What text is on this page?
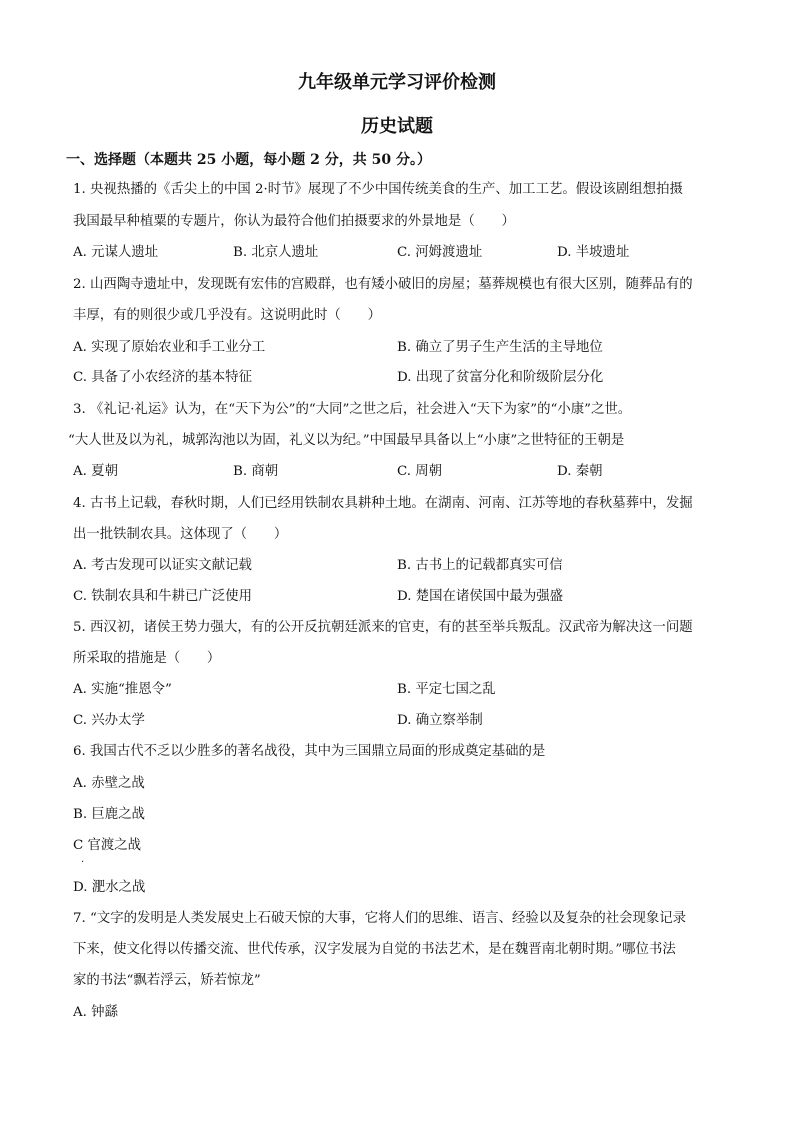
九年级单元学习评价检测
历史试题
一、选择题（本题共 25 小题，每小题 2 分，共 50 分。）
1. 央视热播的《舌尖上的中国 2·时节》展现了不少中国传统美食的生产、加工工艺。假设该剧组想拍摄
我国最早种植粟的专题片，你认为最符合他们拍摄要求的外景地是（　　）
A. 元谋人遗址	B. 北京人遗址	C. 河姆渡遗址	D. 半坡遗址
2. 山西陶寺遗址中，发现既有宏伟的宫殿群，也有矮小破旧的房屋；墓葬规模也有很大区别，随葬品有的
丰厚，有的则很少或几乎没有。这说明此时（　　）
A. 实现了原始农业和手工业分工	B. 确立了男子生产生活的主导地位
C. 具备了小农经济的基本特征	D. 出现了贫富分化和阶级阶层分化
3. 《礼记·礼运》认为，在“天下为公”的“大同”之世之后，社会进入“天下为家”的“小康”之世。
“大人世及以为礼，城郭沟池以为固，礼义以为纪。”中国最早具备以上“小康”之世特征的王朝是
A. 夏朝	B. 商朝	C. 周朝	D. 秦朝
4. 古书上记载，春秋时期，人们已经用铁制农具耕种土地。在湖南、河南、江苏等地的春秋墓葬中，发掘
出一批铁制农具。这体现了（　　）
A. 考古发现可以证实文献记载	B. 古书上的记载都真实可信
C. 铁制农具和牛耕已广泛使用	D. 楚国在诸侯国中最为强盛
5. 西汉初，诸侯王势力强大，有的公开反抗朝廷派来的官吏，有的甚至举兵叛乱。汉武帝为解决这一问题
所采取的措施是（　　）
A. 实施“推恩令”	B. 平定七国之乱
C. 兴办太学	D. 确立察举制
6. 我国古代不乏以少胜多的著名战役，其中为三国鼎立局面的形成奠定基础的是
A. 赤壁之战
B. 巨鹿之战
C 官渡之战
.
D. 淝水之战
7. “文字的发明是人类发展史上石破天惊的大事，它将人们的思维、语言、经验以及复杂的社会现象记录
下来，使文化得以传播交流、世代传承，汉字发展为自觉的书法艺术，是在魏晋南北朝时期。”哪位书法
家的书法“飘若浮云，矫若惊龙”
A. 钟繇
